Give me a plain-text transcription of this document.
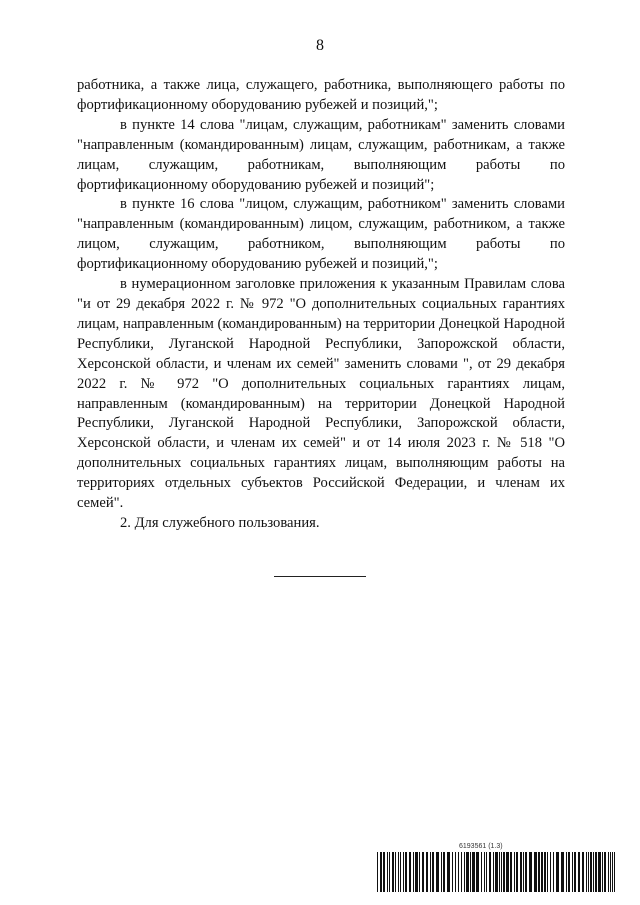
8

работника, а также лица, служащего, работника, выполняющего работы по фортификационному оборудованию рубежей и позиций,";

в пункте 14 слова "лицам, служащим, работникам" заменить словами "направленным (командированным) лицам, служащим, работникам, а также лицам, служащим, работникам, выполняющим работы по фортификационному оборудованию рубежей и позиций";

в пункте 16 слова "лицом, служащим, работником" заменить словами "направленным (командированным) лицом, служащим, работником, а также лицом, служащим, работником, выполняющим работы по фортификационному оборудованию рубежей и позиций,";

в нумерационном заголовке приложения к указанным Правилам слова "и от 29 декабря 2022 г. № 972 "О дополнительных социальных гарантиях лицам, направленным (командированным) на территории Донецкой Народной Республики, Луганской Народной Республики, Запорожской области, Херсонской области, и членам их семей" заменить словами ", от 29 декабря 2022 г. № 972 "О дополнительных социальных гарантиях лицам, направленным (командированным) на территории Донецкой Народной Республики, Луганской Народной Республики, Запорожской области, Херсонской области, и членам их семей" и от 14 июля 2023 г. № 518 "О дополнительных социальных гарантиях лицам, выполняющим работы на территориях отдельных субъектов Российской Федерации, и членам их семей".

2. Для служебного пользования.

6193561 (1.3)
